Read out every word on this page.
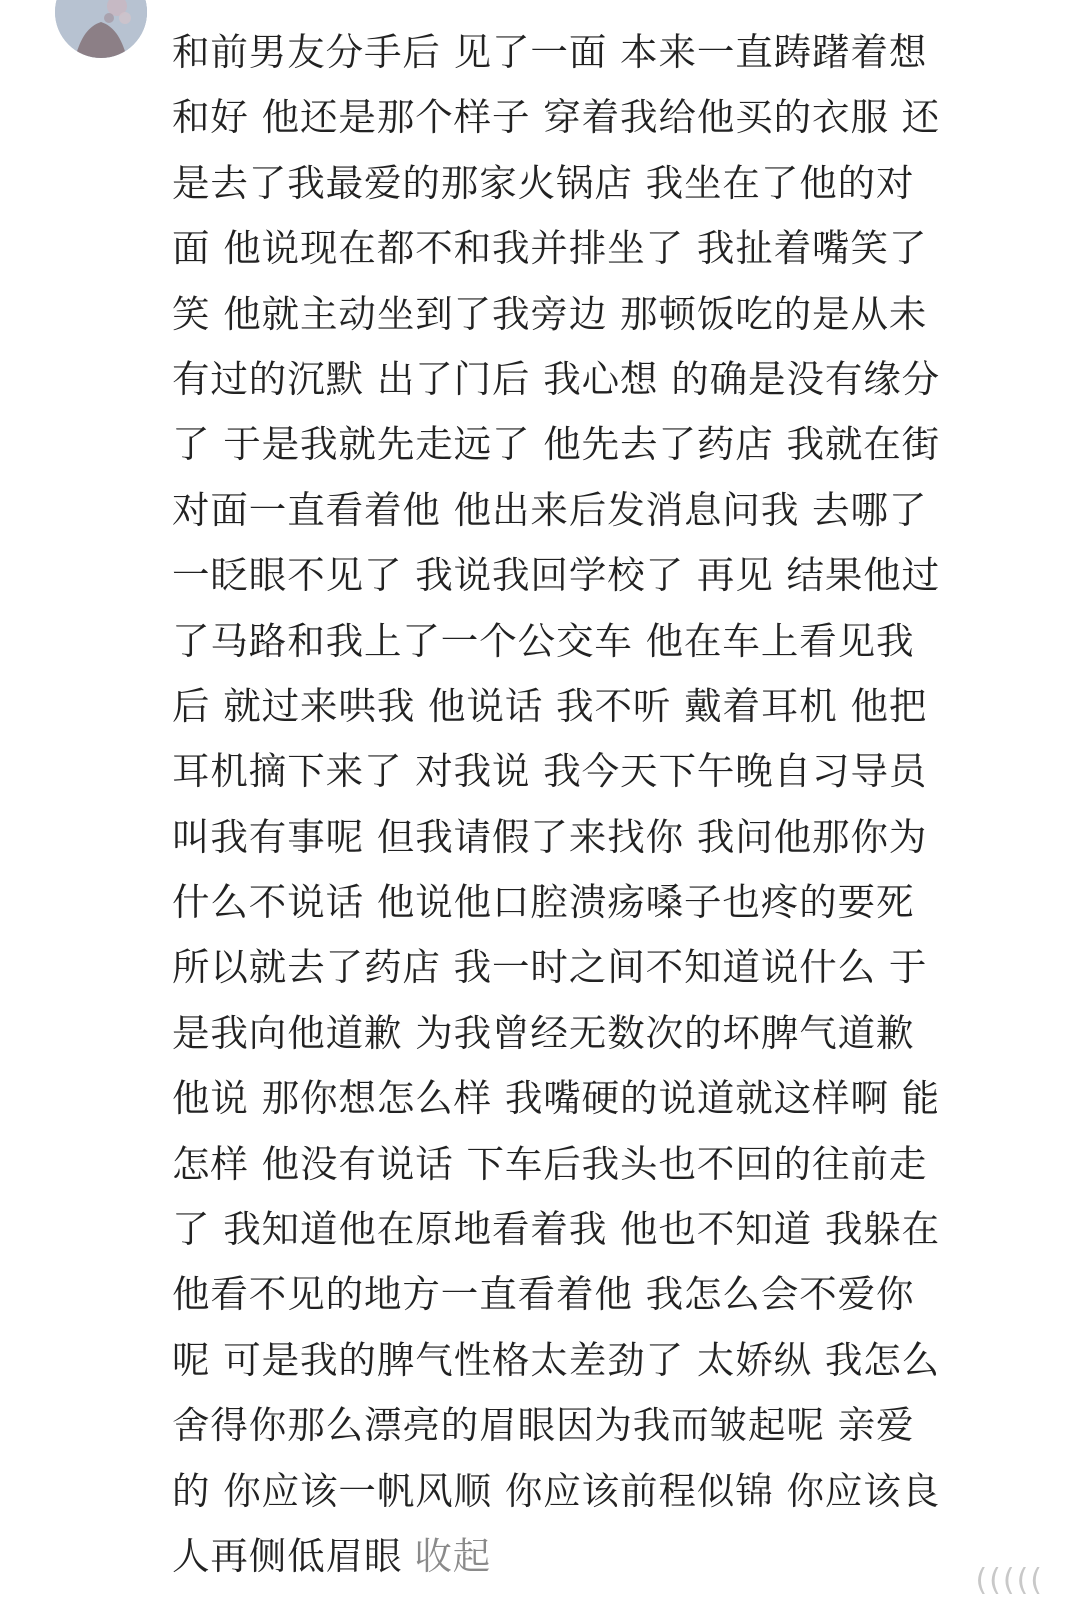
和前男友分手后 见了一面 本来一直踌躇着想
和好 他还是那个样子 穿着我给他买的衣服 还
是去了我最爱的那家火锅店 我坐在了他的对
面 他说现在都不和我并排坐了 我扯着嘴笑了
笑 他就主动坐到了我旁边 那顿饭吃的是从未
有过的沉默 出了门后 我心想 的确是没有缘分
了 于是我就先走远了 他先去了药店 我就在街
对面一直看着他 他出来后发消息问我 去哪了
一眨眼不见了 我说我回学校了 再见 结果他过
了马路和我上了一个公交车 他在车上看见我
后 就过来哄我 他说话 我不听 戴着耳机 他把
耳机摘下来了 对我说 我今天下午晚自习导员
叫我有事呢 但我请假了来找你 我问他那你为
什么不说话 他说他口腔溃疡嗓子也疼的要死
所以就去了药店 我一时之间不知道说什么 于
是我向他道歉 为我曾经无数次的坏脾气道歉
他说 那你想怎么样 我嘴硬的说道就这样啊 能
怎样 他没有说话 下车后我头也不回的往前走
了 我知道他在原地看着我 他也不知道 我躲在
他看不见的地方一直看着他 我怎么会不爱你
呢 可是我的脾气性格太差劲了 太娇纵 我怎么
舍得你那么漂亮的眉眼因为我而皱起呢 亲爱
的 你应该一帆风顺 你应该前程似锦 你应该良
人再侧低眉眼 收起
(((((
